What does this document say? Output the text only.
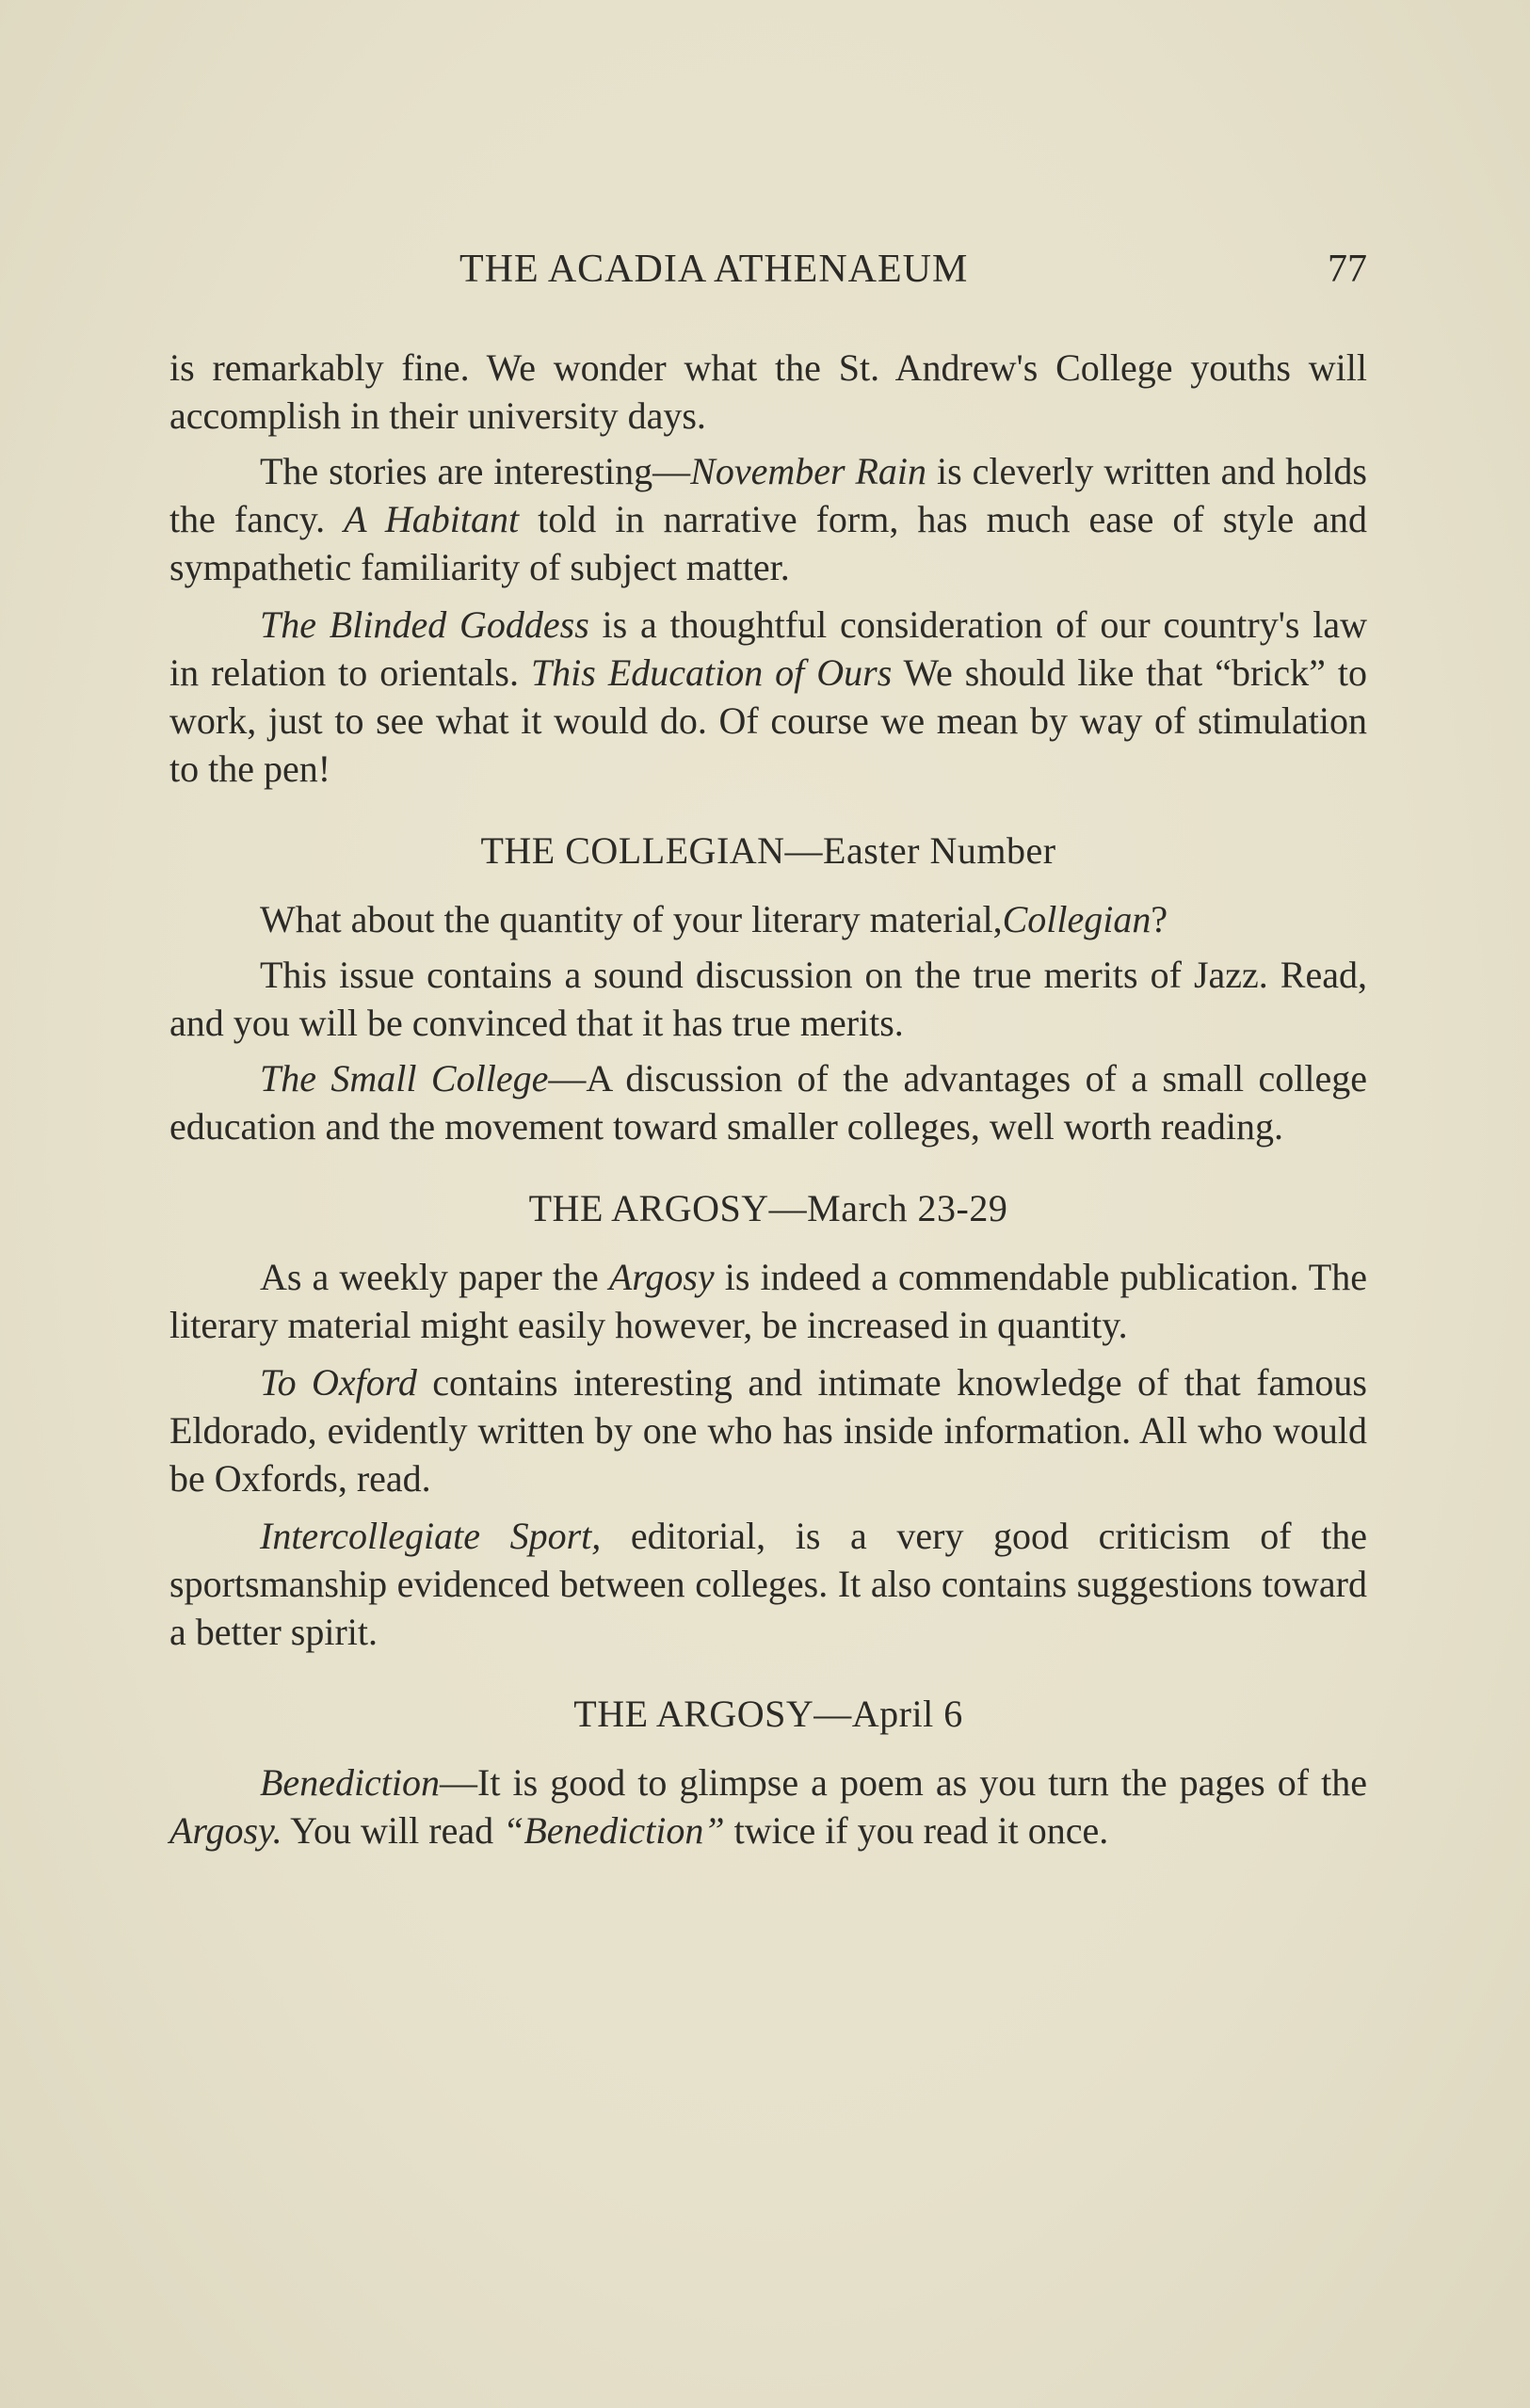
THE ACADIA ATHENAEUM	77

is remarkably fine. We wonder what the St. Andrew's College youths will accomplish in their university days.

The stories are interesting—November Rain is cleverly written and holds the fancy. A Habitant told in narrative form, has much ease of style and sympathetic familiarity of subject matter.

The Blinded Goddess is a thoughtful consideration of our country's law in relation to orientals. This Education of Ours We should like that “brick” to work, just to see what it would do. Of course we mean by way of stimulation to the pen!

THE COLLEGIAN—Easter Number

What about the quantity of your literary material,Collegian?

This issue contains a sound discussion on the true merits of Jazz. Read, and you will be convinced that it has true merits.

The Small College—A discussion of the advantages of a small college education and the movement toward smaller colleges, well worth reading.

THE ARGOSY—March 23-29

As a weekly paper the Argosy is indeed a commendable publication. The literary material might easily however, be increased in quantity.

To Oxford contains interesting and intimate knowledge of that famous Eldorado, evidently written by one who has inside information. All who would be Oxfords, read.

Intercollegiate Sport, editorial, is a very good criticism of the sportsmanship evidenced between colleges. It also contains suggestions toward a better spirit.

THE ARGOSY—April 6

Benediction—It is good to glimpse a poem as you turn the pages of the Argosy. You will read “Benediction” twice if you read it once.
